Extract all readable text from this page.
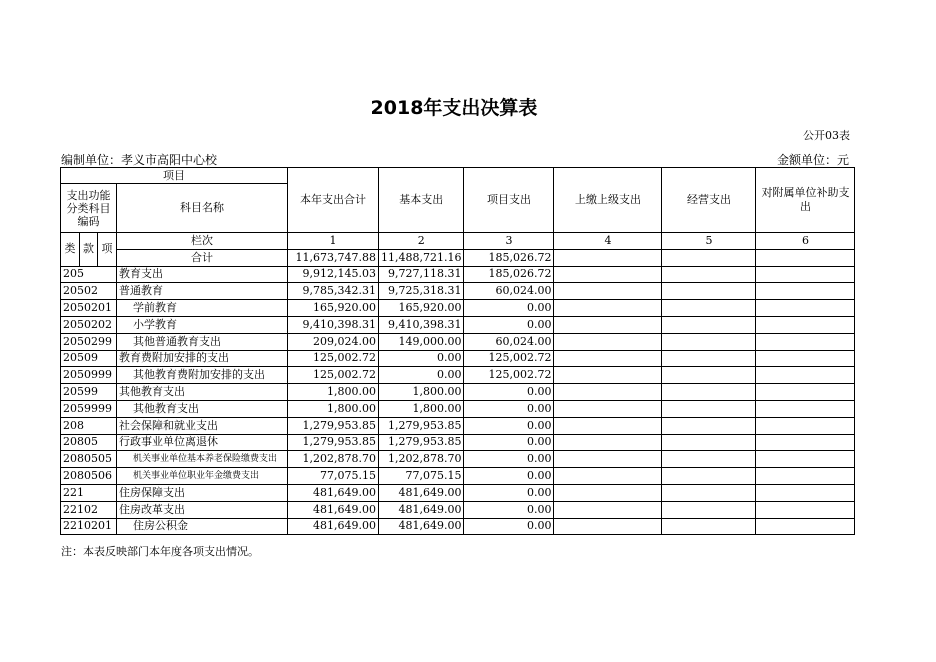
2018年支出决算表
公开03表
编制单位：孝义市高阳中心校	金额单位：元
项目				本年支出合计	基本支出	项目支出	上缴上级支出	经营支出	对附属单位补助支出
支出功能分类科目编码			科目名称						
类	款	项	栏次	1	2	3	4	5	6
			合计	11,673,747.88	11,488,721.16	185,026.72			
205			教育支出	9,912,145.03	9,727,118.31	185,026.72			
20502			普通教育	9,785,342.31	9,725,318.31	60,024.00			
2050201			学前教育	165,920.00	165,920.00	0.00			
2050202			小学教育	9,410,398.31	9,410,398.31	0.00			
2050299			其他普通教育支出	209,024.00	149,000.00	60,024.00			
20509			教育费附加安排的支出	125,002.72	0.00	125,002.72			
2050999			其他教育费附加安排的支出	125,002.72	0.00	125,002.72			
20599			其他教育支出	1,800.00	1,800.00	0.00			
2059999			其他教育支出	1,800.00	1,800.00	0.00			
208			社会保障和就业支出	1,279,953.85	1,279,953.85	0.00			
20805			行政事业单位离退休	1,279,953.85	1,279,953.85	0.00			
2080505			机关事业单位基本养老保险缴费支出	1,202,878.70	1,202,878.70	0.00			
2080506			机关事业单位职业年金缴费支出	77,075.15	77,075.15	0.00			
221			住房保障支出	481,649.00	481,649.00	0.00			
22102			住房改革支出	481,649.00	481,649.00	0.00			
2210201			住房公积金	481,649.00	481,649.00	0.00			
注：本表反映部门本年度各项支出情况。
